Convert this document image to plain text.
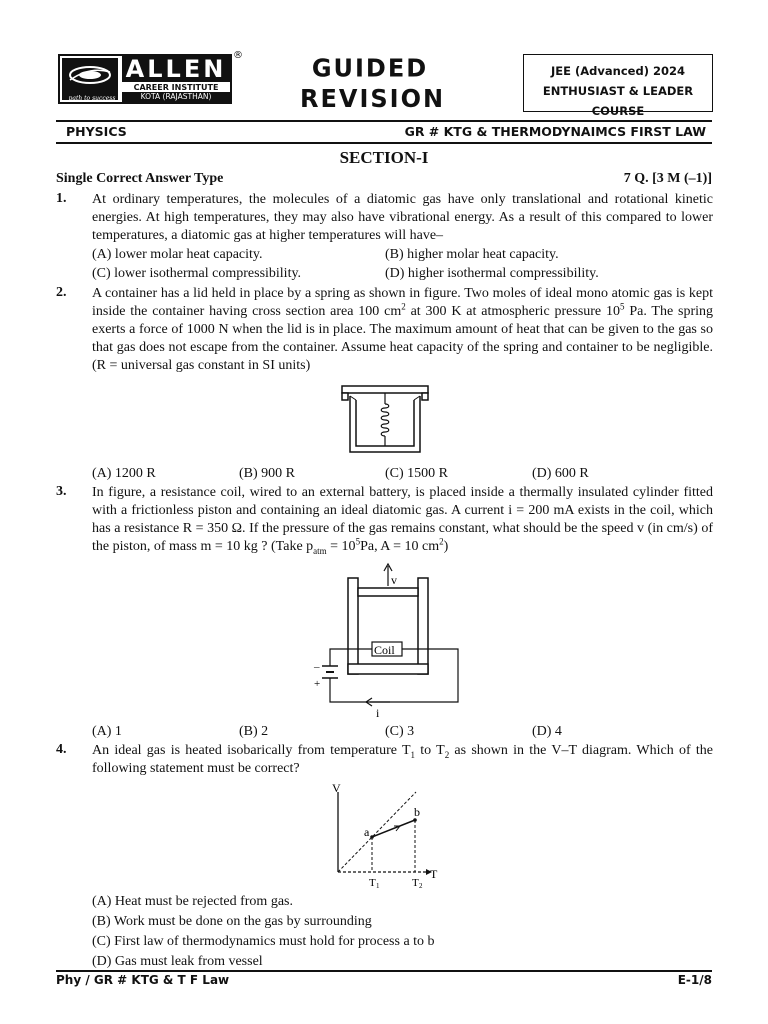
path to success
ALLEN
CAREER INSTITUTE
KOTA (RAJASTHAN)
®	GUIDED
REVISION
JEE (Advanced) 2024
ENTHUSIAST & LEADER COURSE
PHYSICS	GR # KTG & THERMODYNAIMCS FIRST LAW
SECTION-I
Single Correct Answer Type	7 Q. [3 M (–1)]
1. At ordinary temperatures, the molecules of a diatomic gas have only translational and rotational kinetic energies. At high temperatures, they may also have vibrational energy. As a result of this compared to lower temperatures, a diatomic gas at higher temperatures will have–
(A) lower molar heat capacity.	(B) higher molar heat capacity.
(C) lower isothermal compressibility.	(D) higher isothermal compressibility.
2. A container has a lid held in place by a spring as shown in figure. Two moles of ideal mono atomic gas is kept inside the container having cross section area 100 $cm^2$ at 300 K at atmospheric pressure $10^5$ Pa. The spring exerts a force of 1000 N when the lid is in place. The maximum amount of heat that can be given to the gas so that gas does not escape from the container. Assume heat capacity of the spring and container to be negligible. (R = universal gas constant in SI units)
(A) 1200 R	(B) 900 R	(C) 1500 R	(D) 600 R
3. In figure, a resistance coil, wired to an external battery, is placed inside a thermally insulated cylinder fitted with a frictionless piston and containing an ideal diatomic gas. A current i = 200 mA exists in the coil, which has a resistance R = 350 Ω. If the pressure of the gas remains constant, what should be the speed v (in cm/s) of the piston, of mass m = 10 kg ? (Take $p_{atm} = 10^5Pa$, A = 10 $cm^2$)
v
Coil
–
+
i
(A) 1	(B) 2	(C) 3	(D) 4
4. An ideal gas is heated isobarically from temperature $T_1$ to $T_2$ as shown in the V–T diagram. Which of the following statement must be correct?
V
T
a
b
T 1	T 2
(A) Heat must be rejected from gas.
(B) Work must be done on the gas by surrounding
(C) First law of thermodynamics must hold for process a to b
(D) Gas must leak from vessel
Phy / GR # KTG & T F Law	E-1/8
